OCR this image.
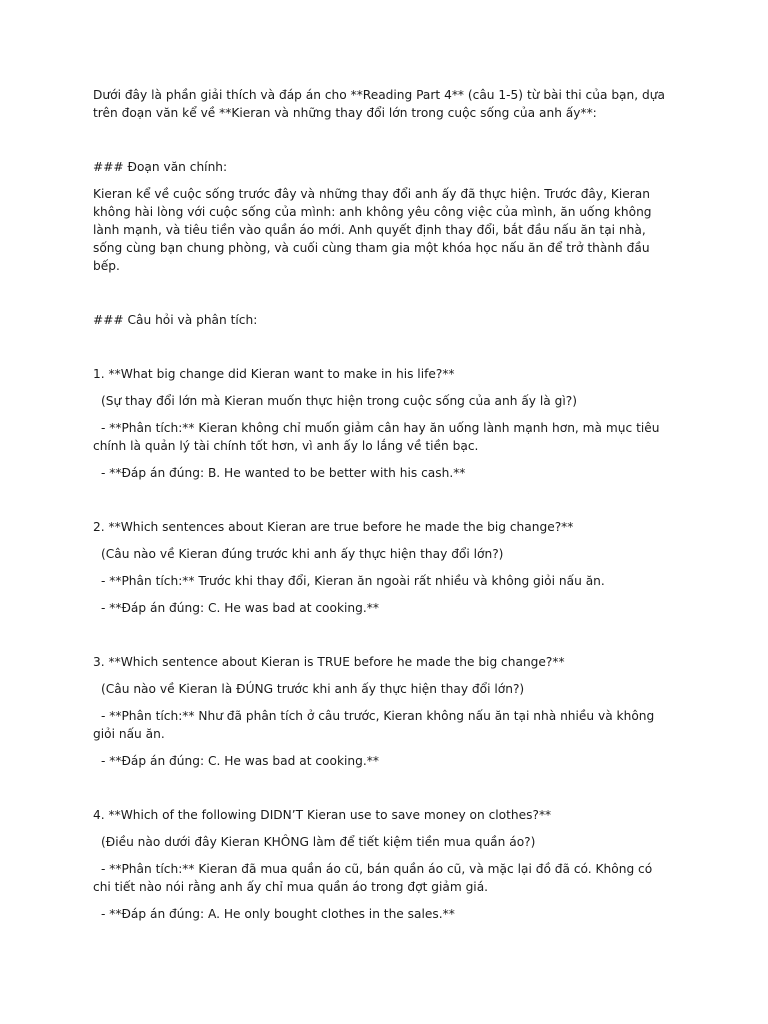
Dưới đây là phần giải thích và đáp án cho **Reading Part 4** (câu 1-5) từ bài thi của bạn, dựa trên đoạn văn kể về **Kieran và những thay đổi lớn trong cuộc sống của anh ấy**:
### Đoạn văn chính:
Kieran kể về cuộc sống trước đây và những thay đổi anh ấy đã thực hiện. Trước đây, Kieran không hài lòng với cuộc sống của mình: anh không yêu công việc của mình, ăn uống không lành mạnh, và tiêu tiền vào quần áo mới. Anh quyết định thay đổi, bắt đầu nấu ăn tại nhà, sống cùng bạn chung phòng, và cuối cùng tham gia một khóa học nấu ăn để trở thành đầu bếp.
### Câu hỏi và phân tích:
1. **What big change did Kieran want to make in his life?**
(Sự thay đổi lớn mà Kieran muốn thực hiện trong cuộc sống của anh ấy là gì?)
- **Phân tích:** Kieran không chỉ muốn giảm cân hay ăn uống lành mạnh hơn, mà mục tiêu chính là quản lý tài chính tốt hơn, vì anh ấy lo lắng về tiền bạc.
- **Đáp án đúng: B. He wanted to be better with his cash.**
2. **Which sentences about Kieran are true before he made the big change?**
(Câu nào về Kieran đúng trước khi anh ấy thực hiện thay đổi lớn?)
- **Phân tích:** Trước khi thay đổi, Kieran ăn ngoài rất nhiều và không giỏi nấu ăn.
- **Đáp án đúng: C. He was bad at cooking.**
3. **Which sentence about Kieran is TRUE before he made the big change?**
(Câu nào về Kieran là ĐÚNG trước khi anh ấy thực hiện thay đổi lớn?)
- **Phân tích:** Như đã phân tích ở câu trước, Kieran không nấu ăn tại nhà nhiều và không giỏi nấu ăn.
- **Đáp án đúng: C. He was bad at cooking.**
4. **Which of the following DIDN’T Kieran use to save money on clothes?**
(Điều nào dưới đây Kieran KHÔNG làm để tiết kiệm tiền mua quần áo?)
- **Phân tích:** Kieran đã mua quần áo cũ, bán quần áo cũ, và mặc lại đồ đã có. Không có chi tiết nào nói rằng anh ấy chỉ mua quần áo trong đợt giảm giá.
- **Đáp án đúng: A. He only bought clothes in the sales.**
